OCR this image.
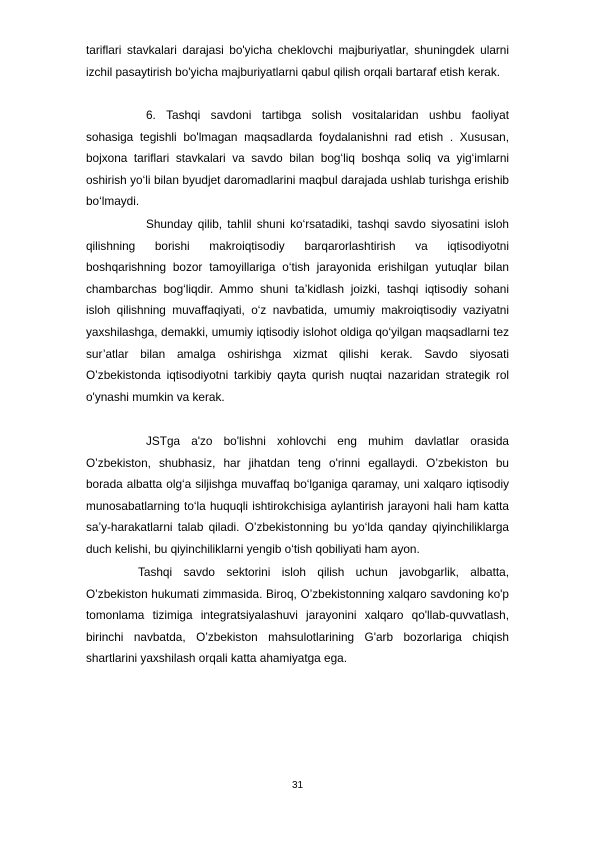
tariflari stavkalari darajasi bo'yicha cheklovchi majburiyatlar, shuningdek ularni izchil pasaytirish bo'yicha majburiyatlarni qabul qilish orqali bartaraf etish kerak.

6. Tashqi savdoni tartibga solish vositalaridan ushbu faoliyat sohasiga tegishli bo'lmagan maqsadlarda foydalanishni rad etish . Xususan, bojxona tariflari stavkalari va savdo bilan bog‘liq boshqa soliq va yig‘imlarni oshirish yo‘li bilan byudjet daromadlarini maqbul darajada ushlab turishga erishib bo‘lmaydi.

Shunday qilib, tahlil shuni ko‘rsatadiki, tashqi savdo siyosatini isloh qilishning borishi makroiqtisodiy barqarorlashtirish va iqtisodiyotni boshqarishning bozor tamoyillariga o‘tish jarayonida erishilgan yutuqlar bilan chambarchas bog‘liqdir. Ammo shuni ta’kidlash joizki, tashqi iqtisodiy sohani isloh qilishning muvaffaqiyati, o‘z navbatida, umumiy makroiqtisodiy vaziyatni yaxshilashga, demakki, umumiy iqtisodiy islohot oldiga qo‘yilgan maqsadlarni tez sur’atlar bilan amalga oshirishga xizmat qilishi kerak. Savdo siyosati O’zbekistonda iqtisodiyotni tarkibiy qayta qurish nuqtai nazaridan strategik rol o'ynashi mumkin va kerak.

JSTga a'zo bo'lishni xohlovchi eng muhim davlatlar orasida O’zbekiston, shubhasiz, har jihatdan teng o'rinni egallaydi. O’zbekiston bu borada albatta olg‘a siljishga muvaffaq bo‘lganiga qaramay, uni xalqaro iqtisodiy munosabatlarning to‘la huquqli ishtirokchisiga aylantirish jarayoni hali ham katta sa’y-harakatlarni talab qiladi. O’zbekistonning bu yo‘lda qanday qiyinchiliklarga duch kelishi, bu qiyinchiliklarni yengib o‘tish qobiliyati ham ayon.

Tashqi savdo sektorini isloh qilish uchun javobgarlik, albatta, O’zbekiston hukumati zimmasida. Biroq, O’zbekistonning xalqaro savdoning ko'p tomonlama tizimiga integratsiyalashuvi jarayonini xalqaro qo'llab-quvvatlash, birinchi navbatda, O’zbekiston mahsulotlarining G'arb bozorlariga chiqish shartlarini yaxshilash orqali katta ahamiyatga ega.

31
